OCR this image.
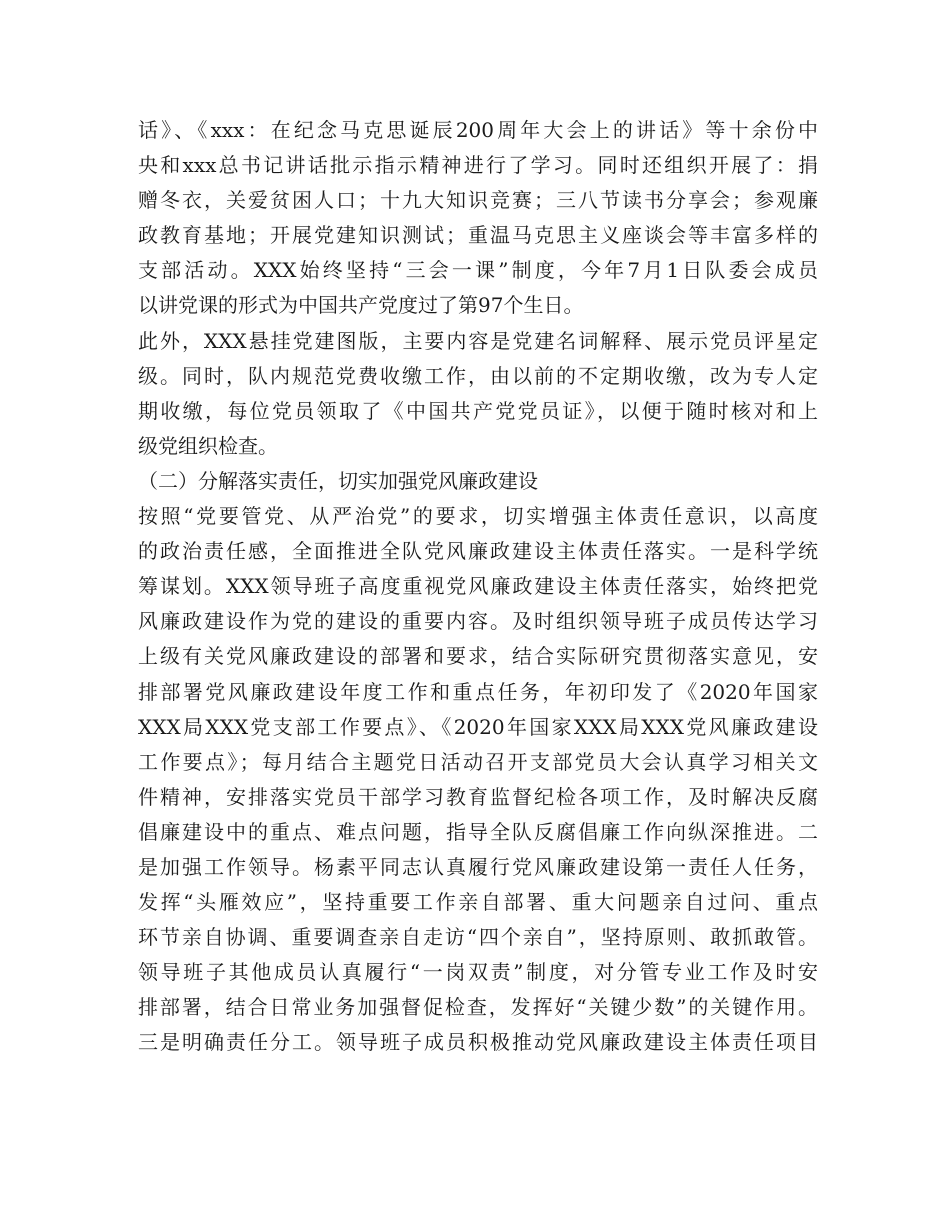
话》、《xxx：在纪念马克思诞辰200周年大会上的讲话》等十余份中
央和xxx总书记讲话批示指示精神进行了学习。同时还组织开展了：捐
赠冬衣，关爱贫困人口；十九大知识竞赛；三八节读书分享会；参观廉
政教育基地；开展党建知识测试；重温马克思主义座谈会等丰富多样的
支部活动。XXX始终坚持“三会一课”制度，今年7月1日队委会成员
以讲党课的形式为中国共产党度过了第97个生日。
此外，XXX悬挂党建图版，主要内容是党建名词解释、展示党员评星定
级。同时，队内规范党费收缴工作，由以前的不定期收缴，改为专人定
期收缴，每位党员领取了《中国共产党党员证》，以便于随时核对和上
级党组织检查。
（二）分解落实责任，切实加强党风廉政建设
按照“党要管党、从严治党”的要求，切实增强主体责任意识，以高度
的政治责任感，全面推进全队党风廉政建设主体责任落实。一是科学统
筹谋划。XXX领导班子高度重视党风廉政建设主体责任落实，始终把党
风廉政建设作为党的建设的重要内容。及时组织领导班子成员传达学习
上级有关党风廉政建设的部署和要求，结合实际研究贯彻落实意见，安
排部署党风廉政建设年度工作和重点任务，年初印发了《2020年国家
XXX局XXX党支部工作要点》、《2020年国家XXX局XXX党风廉政建设
工作要点》；每月结合主题党日活动召开支部党员大会认真学习相关文
件精神，安排落实党员干部学习教育监督纪检各项工作，及时解决反腐
倡廉建设中的重点、难点问题，指导全队反腐倡廉工作向纵深推进。二
是加强工作领导。杨素平同志认真履行党风廉政建设第一责任人任务，
发挥“头雁效应”，坚持重要工作亲自部署、重大问题亲自过问、重点
环节亲自协调、重要调查亲自走访“四个亲自”，坚持原则、敢抓敢管。
领导班子其他成员认真履行“一岗双责”制度，对分管专业工作及时安
排部署，结合日常业务加强督促检查，发挥好“关键少数”的关键作用。
三是明确责任分工。领导班子成员积极推动党风廉政建设主体责任项目
